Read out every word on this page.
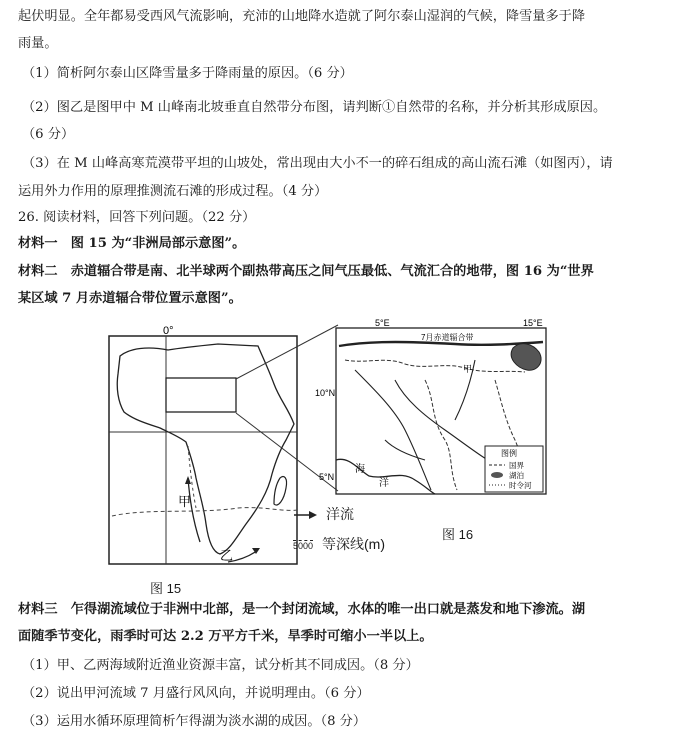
起伏明显。全年都易受西风气流影响，充沛的山地降水造就了阿尔泰山湿润的气候，降雪量多于降
雨量。
（1）简析阿尔泰山区降雪量多于降雨量的原因。（6 分）
（2）图乙是图甲中 M 山峰南北坡垂直自然带分布图，请判断①自然带的名称，并分析其形成原因。
（6 分）
（3）在 M 山峰高寒荒漠带平坦的山坡处，常出现由大小不一的碎石组成的高山流石滩（如图丙），请
运用外力作用的原理推测流石滩的形成过程。（4 分）
26. 阅读材料，回答下列问题。（22 分）
材料一　图 15 为“非洲局部示意图”。
材料二　赤道辐合带是南、北半球两个副热带高压之间气压最低、气流汇合的地带，图 16 为“世界
某区域 7 月赤道辐合带位置示意图”。
0°
甲
乙
图 15
洋流
5000 等深线(m)
5°E	15°E
10°N
5°N
7月赤道辐合带
甲
海
洋
图例
国界
湖泊
时令河
图 16
材料三　乍得湖流域位于非洲中北部，是一个封闭流域，水体的唯一出口就是蒸发和地下渗流。湖
面随季节变化，雨季时可达 2.2 万平方千米，旱季时可缩小一半以上。
（1）甲、乙两海域附近渔业资源丰富，试分析其不同成因。（8 分）
（2）说出甲河流域 7 月盛行风风向，并说明理由。（6 分）
（3）运用水循环原理简析乍得湖为淡水湖的成因。（8 分）
